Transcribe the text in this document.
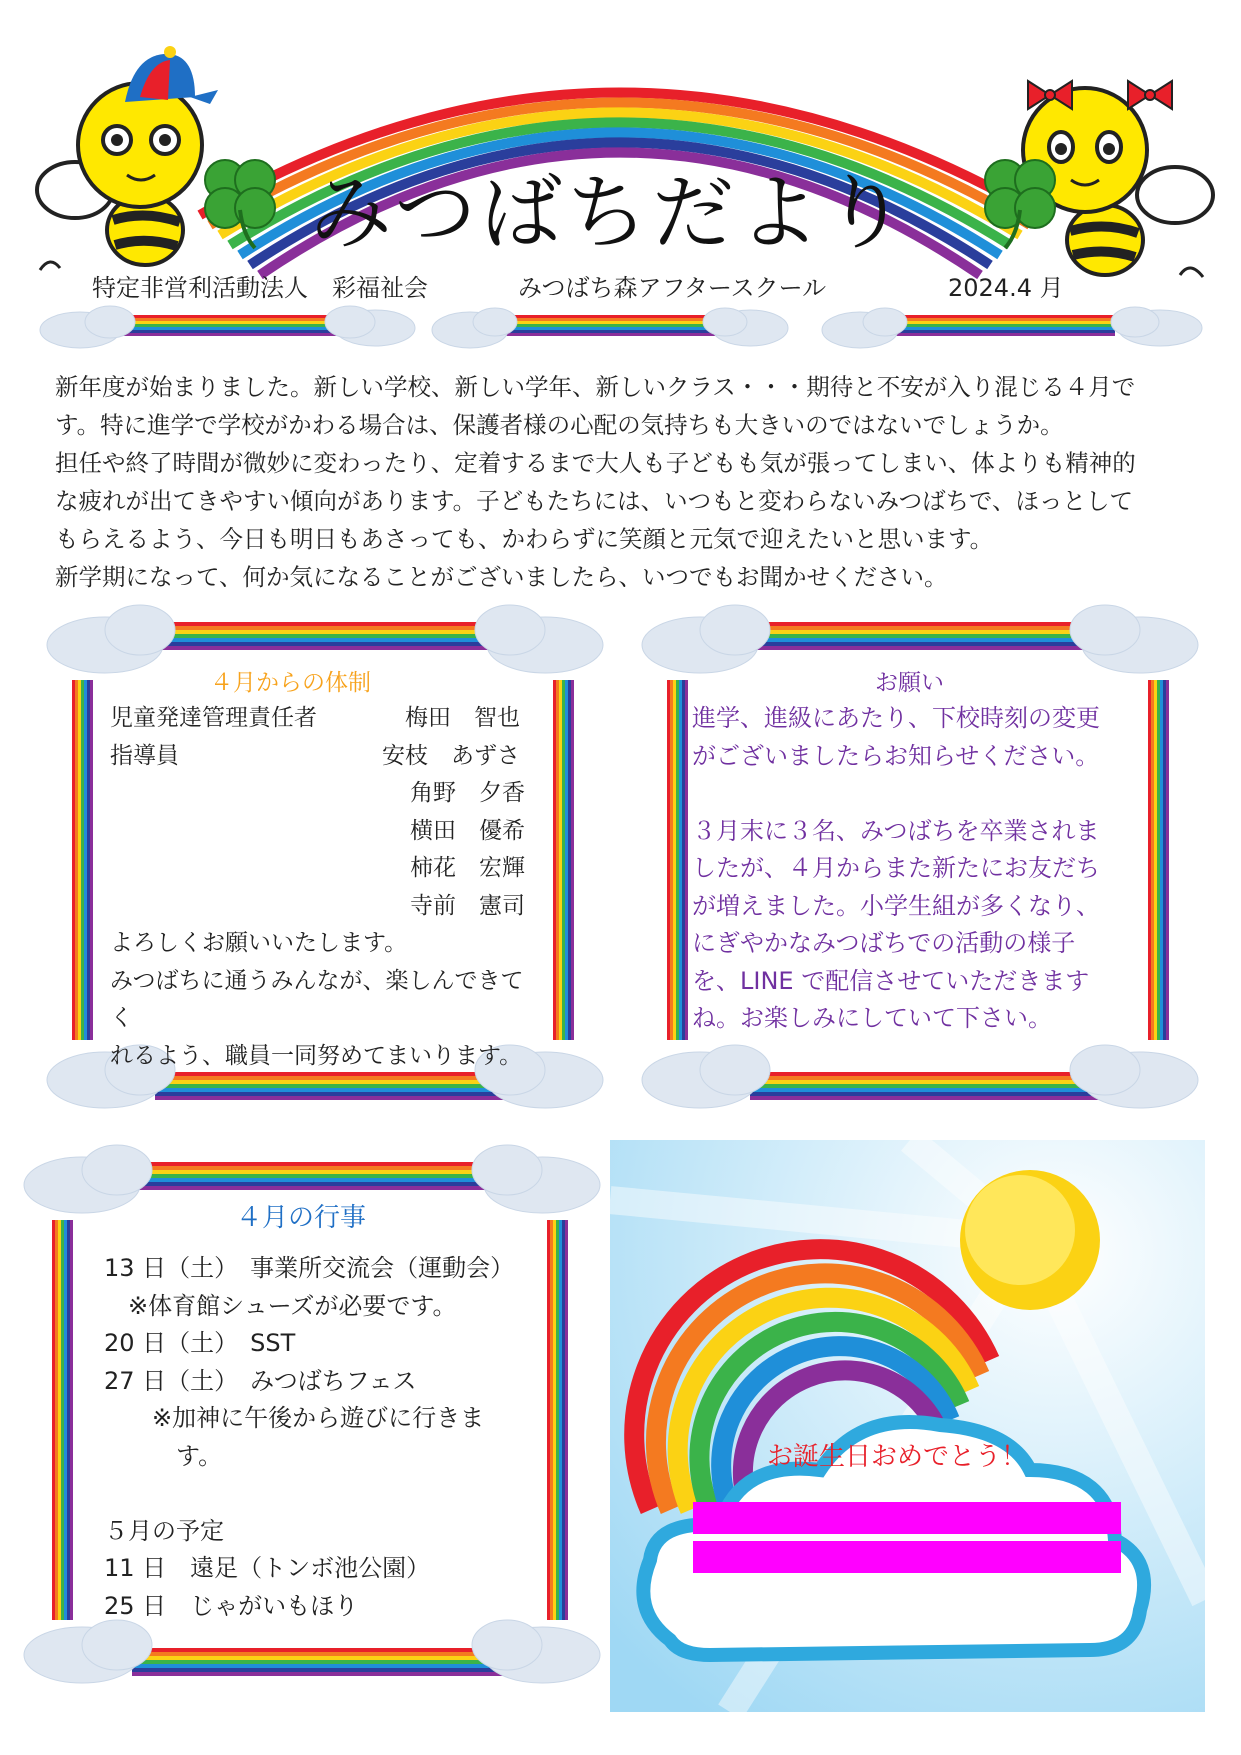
みつばちだより
特定非営利活動法人　彩福祉会	みつばち森アフタースクール	2024.4 月

新年度が始まりました。新しい学校、新しい学年、新しいクラス・・・期待と不安が入り混じる４月で

す。特に進学で学校がかわる場合は、保護者様の心配の気持ちも大きいのではないでしょうか。

担任や終了時間が微妙に変わったり、定着するまで大人も子どもも気が張ってしまい、体よりも精神的

な疲れが出てきやすい傾向があります。子どもたちには、いつもと変わらないみつばちで、ほっとして

もらえるよう、今日も明日もあさっても、かわらずに笑顔と元気で迎えたいと思います。

新学期になって、何か気になることがございましたら、いつでもお聞かせください。

４月からの体制
児童発達管理責任者	梅田　智也
指導員	安枝　あずさ
角野　夕香
横田　優希
柿花　宏輝
寺前　憲司
よろしくお願いいたします。
みつばちに通うみんなが、楽しんできてく
れるよう、職員一同努めてまいります。
お願い
進学、進級にあたり、下校時刻の変更
がございましたらお知らせください。
３月末に３名、みつばちを卒業されま
したが、４月からまた新たにお友だち
が増えました。小学生組が多くなり、
にぎやかなみつばちでの活動の様子
を、LINE で配信させていただきます
ね。お楽しみにしていて下さい。
４月の行事
13 日（土）　事業所交流会（運動会）
　※体育館シューズが必要です。
20 日（土）　SST
27 日（土）　みつばちフェス
　　※加神に午後から遊びに行きま
　　　す。
５月の予定
11 日　遠足（トンボ池公園）
25 日　じゃがいもほり
お誕生日おめでとう！
